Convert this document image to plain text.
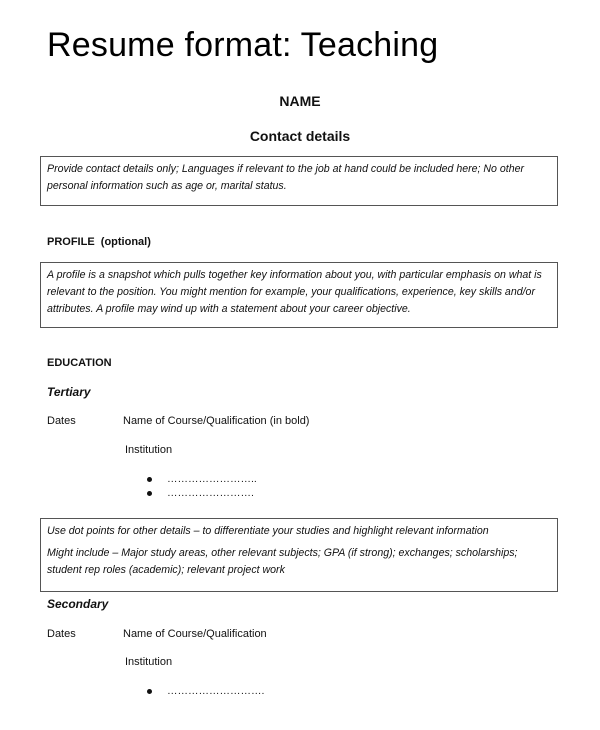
Resume format: Teaching
NAME
Contact details

Provide contact details only; Languages if relevant to the job at hand could be included here; No other personal information such as age or, marital status.

PROFILE (optional)

A profile is a snapshot which pulls together key information about you, with particular emphasis on what is relevant to the position. You might mention for example, your qualifications, experience, key skills and/or attributes. A profile may wind up with a statement about your career objective.

EDUCATION
Tertiary
Dates	Name of Course/Qualification (in bold)
Institution
……………………..
…………………….

Use dot points for other details – to differentiate your studies and highlight relevant information

Might include – Major study areas, other relevant subjects; GPA (if strong); exchanges; scholarships; student rep roles (academic); relevant project work

Secondary
Dates	Name of Course/Qualification
Institution
……………………….
